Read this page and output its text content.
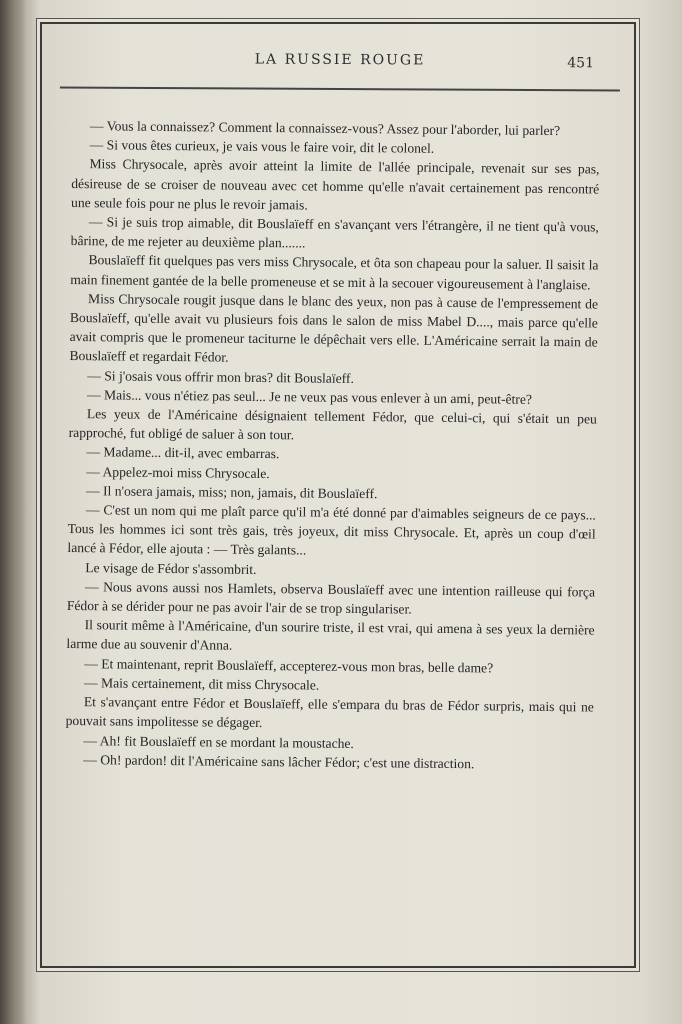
LA RUSSIE ROUGE	451

— Vous la connaissez? Comment la connaissez-vous? Assez pour l'aborder, lui parler?

— Si vous êtes curieux, je vais vous le faire voir, dit le colonel.

Miss Chrysocale, après avoir atteint la limite de l'allée principale, revenait sur ses pas, désireuse de se croiser de nouveau avec cet homme qu'elle n'avait certainement pas rencontré une seule fois pour ne plus le revoir jamais.

— Si je suis trop aimable, dit Bouslaïeff en s'avançant vers l'étrangère, il ne tient qu'à vous, bârine, de me rejeter au deuxième plan.......

Bouslaïeff fit quelques pas vers miss Chrysocale, et ôta son chapeau pour la saluer. Il saisit la main finement gantée de la belle promeneuse et se mit à la secouer vigoureusement à l'anglaise.

Miss Chrysocale rougit jusque dans le blanc des yeux, non pas à cause de l'empressement de Bouslaïeff, qu'elle avait vu plusieurs fois dans le salon de miss Mabel D...., mais parce qu'elle avait compris que le promeneur taciturne le dépêchait vers elle. L'Américaine serrait la main de Bouslaïeff et regardait Fédor.

— Si j'osais vous offrir mon bras? dit Bouslaïeff.

— Mais... vous n'étiez pas seul... Je ne veux pas vous enlever à un ami, peut-être?

Les yeux de l'Américaine désignaient tellement Fédor, que celui-ci, qui s'était un peu rapproché, fut obligé de saluer à son tour.

— Madame... dit-il, avec embarras.

— Appelez-moi miss Chrysocale.

— Il n'osera jamais, miss; non, jamais, dit Bouslaïeff.

— C'est un nom qui me plaît parce qu'il m'a été donné par d'aimables seigneurs de ce pays... Tous les hommes ici sont très gais, très joyeux, dit miss Chrysocale. Et, après un coup d'œil lancé à Fédor, elle ajouta : — Très galants...

Le visage de Fédor s'assombrit.

— Nous avons aussi nos Hamlets, observa Bouslaïeff avec une intention railleuse qui força Fédor à se dérider pour ne pas avoir l'air de se trop singulariser.

Il sourit même à l'Américaine, d'un sourire triste, il est vrai, qui amena à ses yeux la dernière larme due au souvenir d'Anna.

— Et maintenant, reprit Bouslaïeff, accepterez-vous mon bras, belle dame?

— Mais certainement, dit miss Chrysocale.

Et s'avançant entre Fédor et Bouslaïeff, elle s'empara du bras de Fédor surpris, mais qui ne pouvait sans impolitesse se dégager.

— Ah! fit Bouslaïeff en se mordant la moustache.

— Oh! pardon! dit l'Américaine sans lâcher Fédor; c'est une distraction.
